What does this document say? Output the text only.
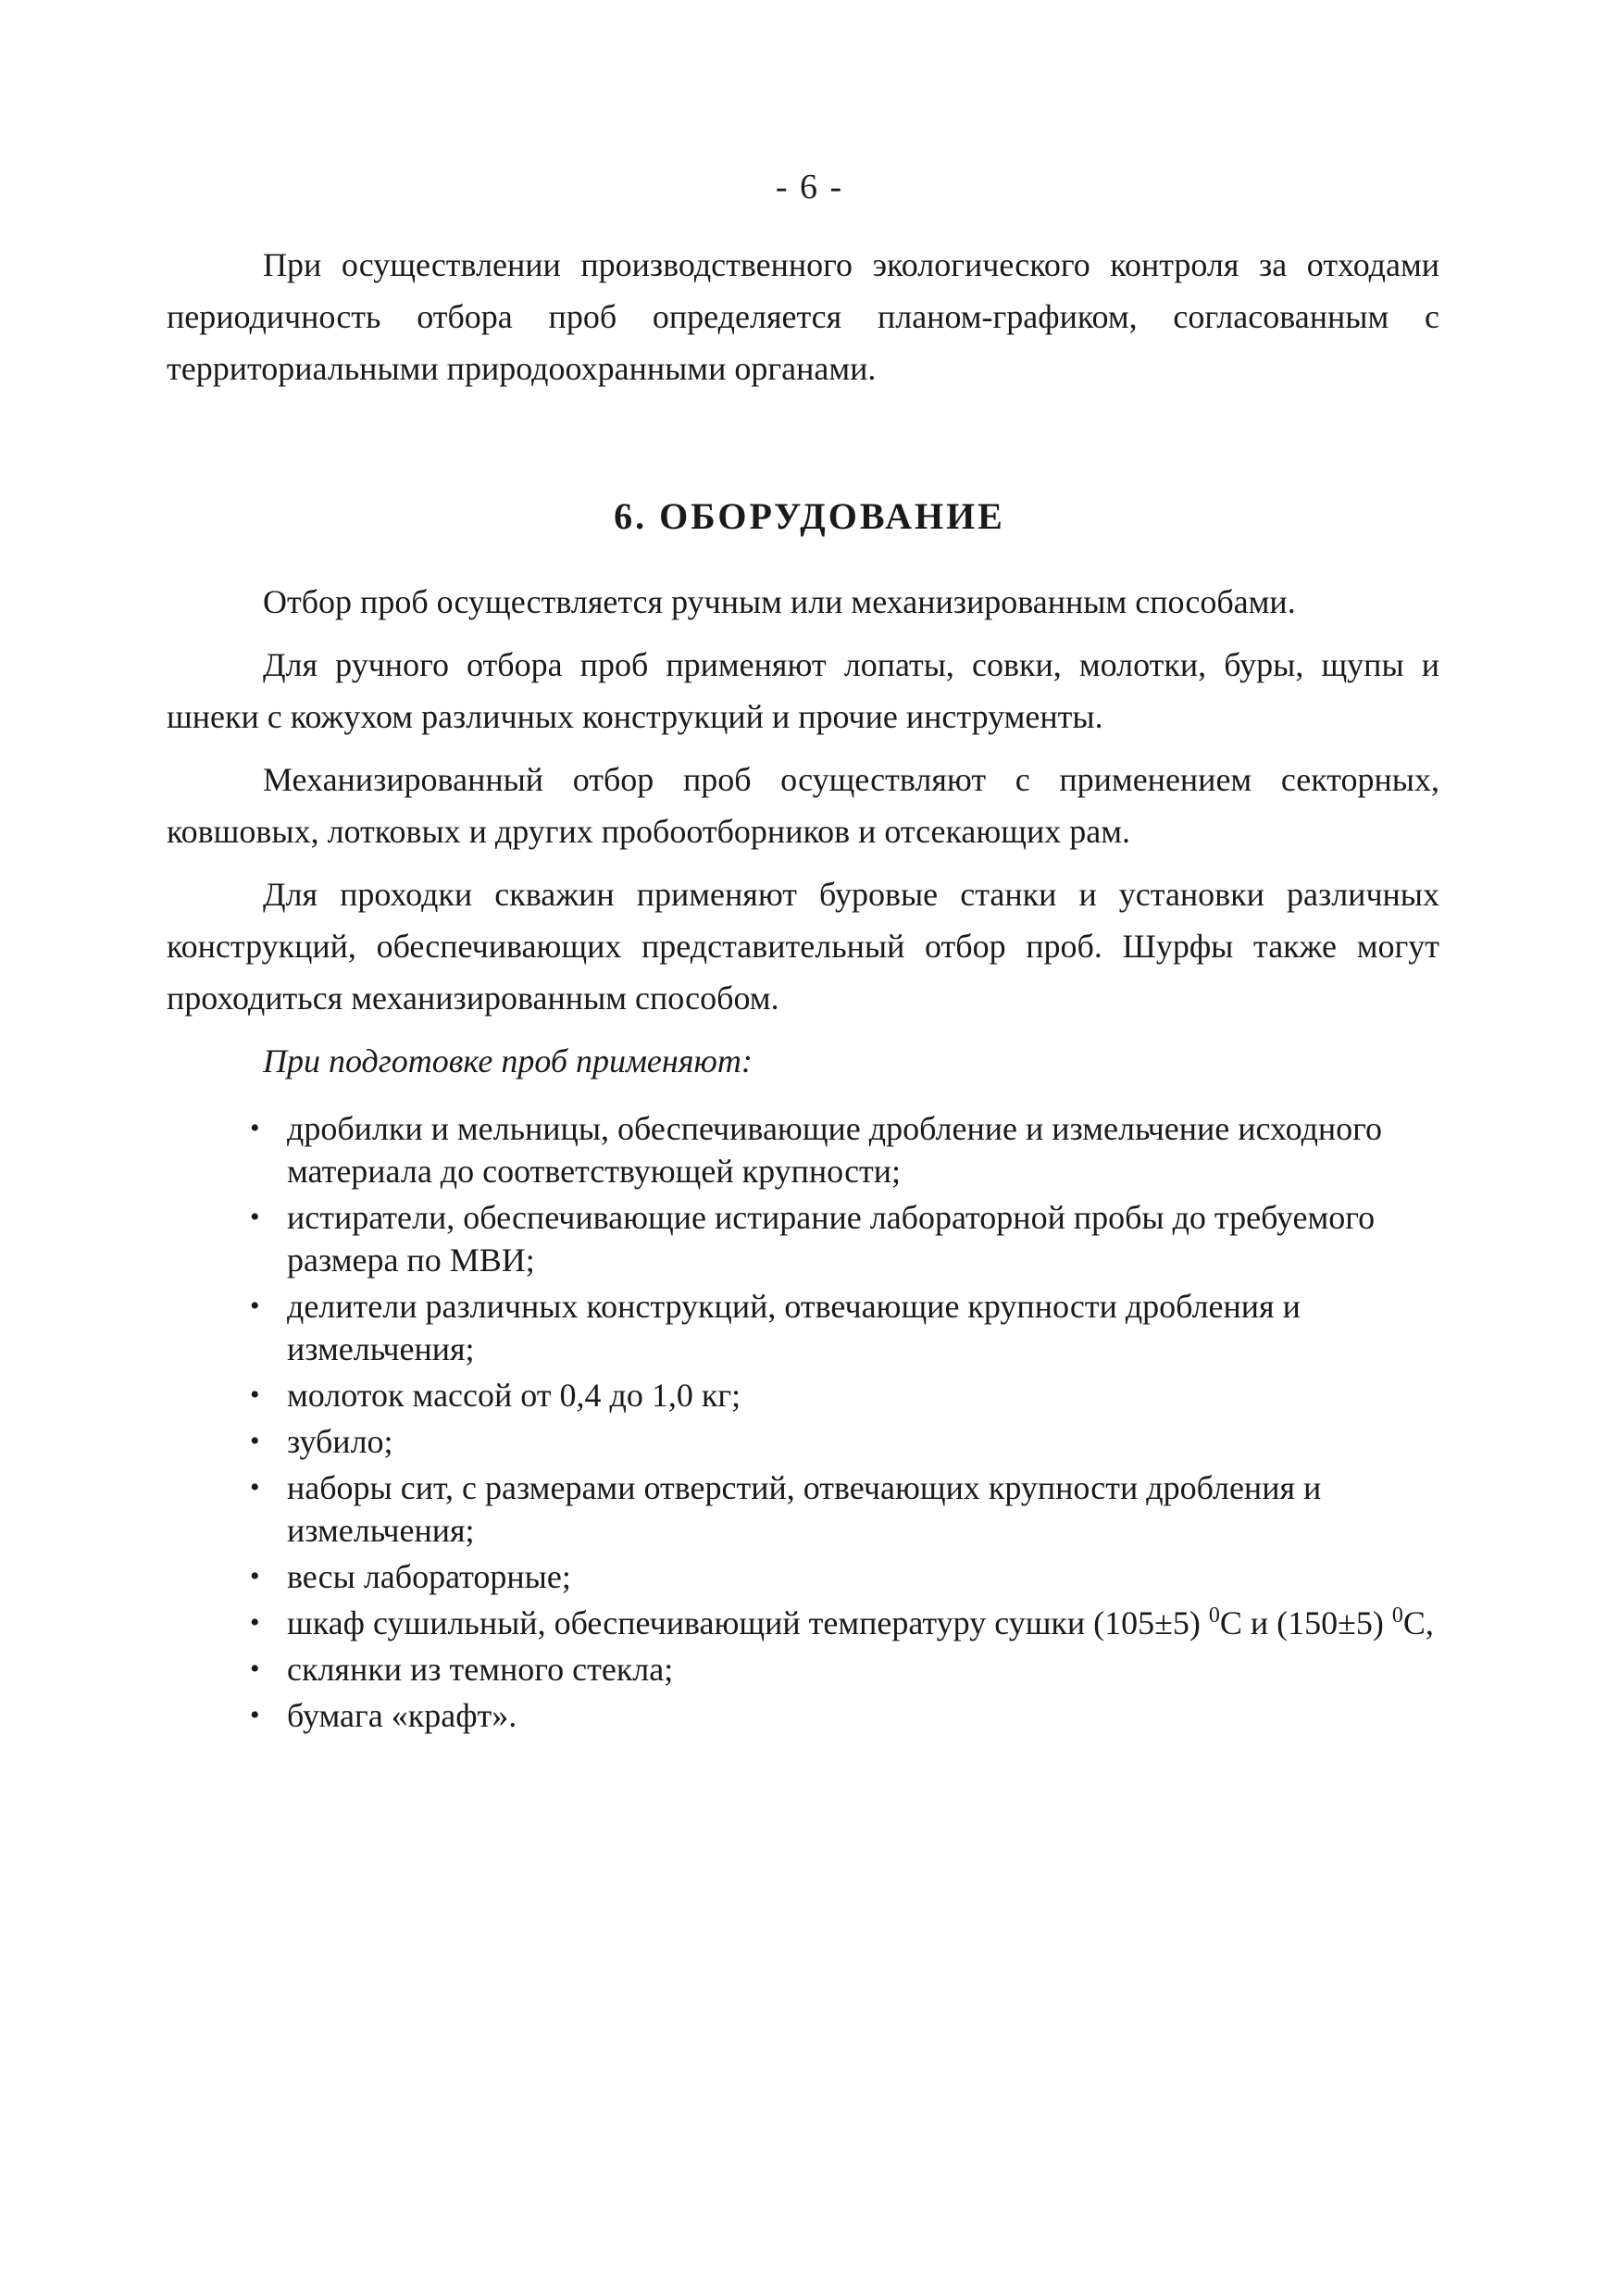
- 6 -

При осуществлении производственного экологического контроля за отходами периодичность отбора проб определяется планом-графиком, согласованным с территориальными природоохранными органами.

6. ОБОРУДОВАНИЕ

Отбор проб осуществляется ручным или механизированным способами.

Для ручного отбора проб применяют лопаты, совки, молотки, буры, щупы и шнеки с кожухом различных конструкций и прочие инструменты.

Механизированный отбор проб осуществляют с применением секторных, ковшовых, лотковых и других пробоотборников и отсекающих рам.

Для проходки скважин применяют буровые станки и установки различных конструкций, обеспечивающих представительный отбор проб. Шурфы также могут проходиться механизированным способом.

При подготовке проб применяют:

• дробилки и мельницы, обеспечивающие дробление и измельчение исходного материала до соответствующей крупности;
• истиратели, обеспечивающие истирание лабораторной пробы до требуемого размера по МВИ;
• делители различных конструкций, отвечающие крупности дробления и измельчения;
• молоток массой от 0,4 до 1,0 кг;
• зубило;
• наборы сит, с размерами отверстий, отвечающих крупности дробления и измельчения;
• весы лабораторные;
• шкаф сушильный, обеспечивающий температуру сушки (105±5) $^0$С и (150±5) $^0$С,
• склянки из темного стекла;
• бумага «крафт».
